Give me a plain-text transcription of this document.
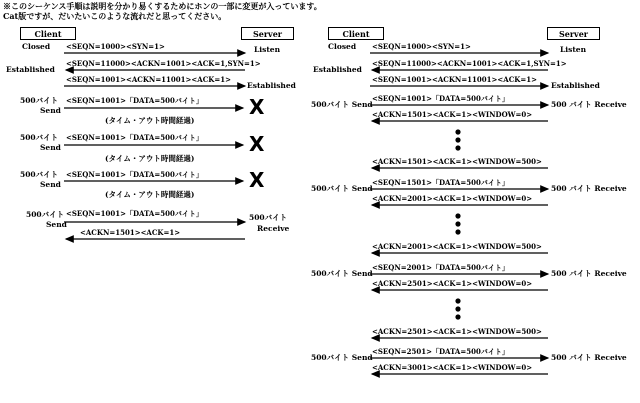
※このシーケンス手順は説明を分かり易くするためにホンの一部に変更が入っています。
Cat版ですが、だいたいこのような流れだと思ってください。
Client	Server
Closed	Listen
Established
Established
<SEQN=1000><SYN=1>
<SEQN=11000><ACKN=1001><ACK=1,SYN=1>
<SEQN=1001><ACKN=11001><ACK=1>
500バイト
Send
<SEQN=1001>「DATA=500バイト」 X
(タイム・アウト時間経過)
500バイト
Send
<SEQN=1001>「DATA=500バイト」 X
(タイム・アウト時間経過)
500バイト
Send
<SEQN=1001>「DATA=500バイト」 X
(タイム・アウト時間経過)
500バイト
Send
<SEQN=1001>「DATA=500バイト」	500バイト
Receive
<ACKN=1501><ACK=1>
Client	Server
Closed	Listen
Established
Established
<SEQN=1000><SYN=1>
<SEQN=11000><ACKN=1001><ACK=1,SYN=1>
<SEQN=1001><ACKN=11001><ACK=1>
500バイト Send
<SEQN=1001>「DATA=500バイト」
500 バイト Receive
<ACKN=1501><ACK=1><WINDOW=0>
<ACKN=1501><ACK=1><WINDOW=500>
500バイト Send
<SEQN=1501>「DATA=500バイト」
500 バイト Receive
<ACKN=2001><ACK=1><WINDOW=0>
<ACKN=2001><ACK=1><WINDOW=500>
500バイト Send
<SEQN=2001>「DATA=500バイト」
500 バイト Receive
<ACKN=2501><ACK=1><WINDOW=0>
<ACKN=2501><ACK=1><WINDOW=500>
500バイト Send
<SEQN=2501>「DATA=500バイト」
500 バイト Receive
<ACKN=3001><ACK=1><WINDOW=0>
